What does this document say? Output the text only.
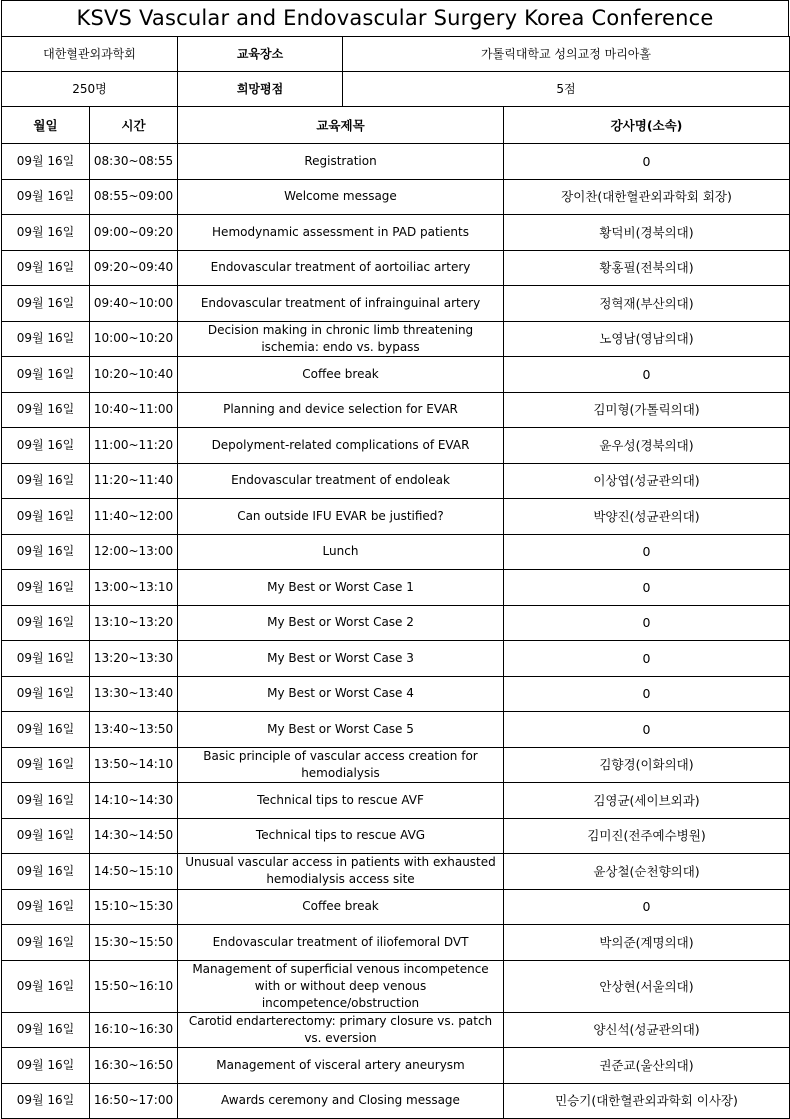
KSVS Vascular and Endovascular Surgery Korea Conference
대한혈관외과학회		교육장소 가톨릭대학교 성의교정 마리아홀	

250명		희망평점 5점	

월일	시간	교육제목	강사명(소속)
09월 16일	08:30~08:55	Registration	0
09월 16일	08:55~09:00	Welcome message	장이찬(대한혈관외과학회 회장)
09월 16일	09:00~09:20	Hemodynamic assessment in PAD patients	황덕비(경북의대)
09월 16일	09:20~09:40	Endovascular treatment of aortoiliac artery	황홍필(전북의대)
09월 16일	09:40~10:00	Endovascular treatment of infrainguinal artery	정혁재(부산의대)
09월 16일	10:00~10:20	Decision making in chronic limb threatening ischemia: endo vs. bypass	노영남(영남의대)
09월 16일	10:20~10:40	Coffee break	0
09월 16일	10:40~11:00	Planning and device selection for EVAR	김미형(가톨릭의대)
09월 16일	11:00~11:20	Depolyment-related complications of EVAR	윤우성(경북의대)
09월 16일	11:20~11:40	Endovascular treatment of endoleak	이상엽(성균관의대)
09월 16일	11:40~12:00	Can outside IFU EVAR be justified?	박양진(성균관의대)
09월 16일	12:00~13:00	Lunch	0
09월 16일	13:00~13:10	My Best or Worst Case 1	0
09월 16일	13:10~13:20	My Best or Worst Case 2	0
09월 16일	13:20~13:30	My Best or Worst Case 3	0
09월 16일	13:30~13:40	My Best or Worst Case 4	0
09월 16일	13:40~13:50	My Best or Worst Case 5	0
09월 16일	13:50~14:10	Basic principle of vascular access creation for hemodialysis	김향경(이화의대)
09월 16일	14:10~14:30	Technical tips to rescue AVF	김영균(세이브외과)
09월 16일	14:30~14:50	Technical tips to rescue AVG	김미진(전주예수병원)
09월 16일	14:50~15:10	Unusual vascular access in patients with exhausted hemodialysis access site	윤상철(순천향의대)
09월 16일	15:10~15:30	Coffee break	0
09월 16일	15:30~15:50	Endovascular treatment of iliofemoral DVT	박의준(계명의대)
09월 16일	15:50~16:10	Management of superficial venous incompetence with or without deep venous incompetence/obstruction	안상현(서울의대)
09월 16일	16:10~16:30	Carotid endarterectomy: primary closure vs. patch vs. eversion	양신석(성균관의대)
09월 16일	16:30~16:50	Management of visceral artery aneurysm	권준교(울산의대)
09월 16일	16:50~17:00	Awards ceremony and Closing message	민승기(대한혈관외과학회 이사장)
